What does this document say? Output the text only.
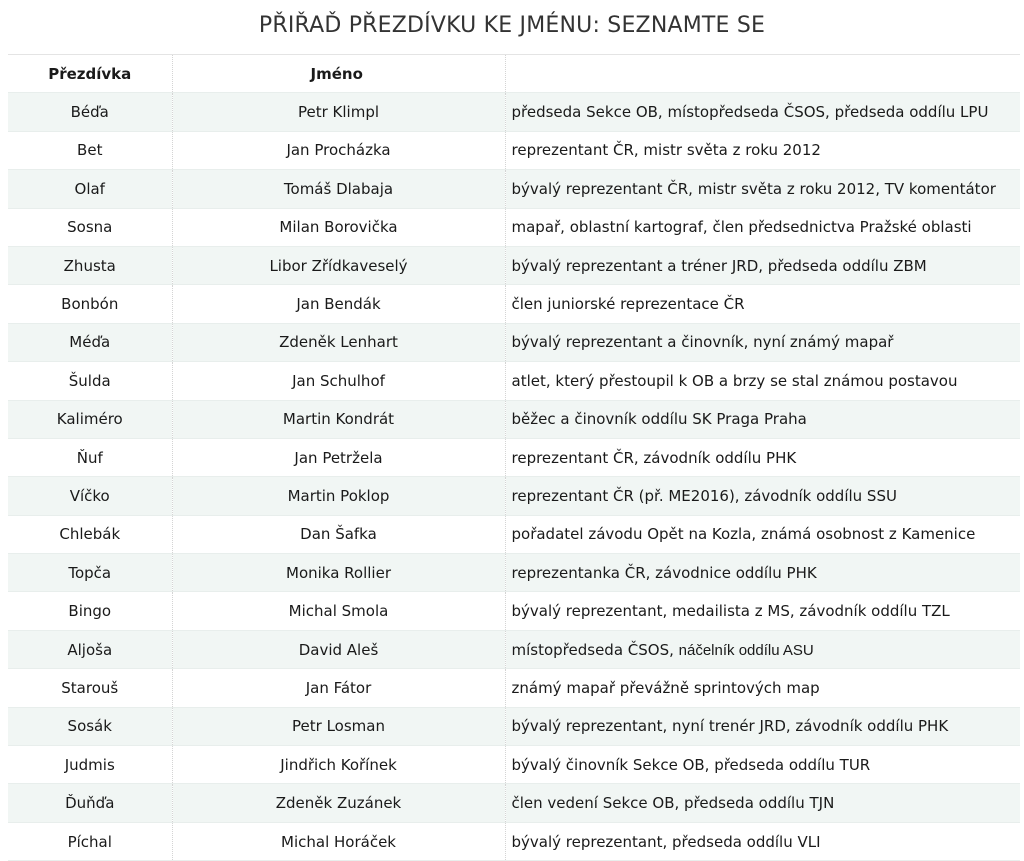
PŘIŘAĎ PŘEZDÍVKU KE JMÉNU: SEZNAMTE SE
Přezdívka	Jméno	
Béďa	Petr Klimpl	předseda Sekce OB, místopředseda ČSOS, předseda oddílu LPU
Bet	Jan Procházka	reprezentant ČR, mistr světa z roku 2012
Olaf	Tomáš Dlabaja	bývalý reprezentant ČR, mistr světa z roku 2012, TV komentátor
Sosna	Milan Borovička	mapař, oblastní kartograf, člen předsednictva Pražské oblasti
Zhusta	Libor Zřídkaveselý	bývalý reprezentant a tréner JRD, předseda oddílu ZBM
Bonbón	Jan Bendák	člen juniorské reprezentace ČR
Méďa	Zdeněk Lenhart	bývalý reprezentant a činovník, nyní známý mapař
Šulda	Jan Schulhof	atlet, který přestoupil k OB a brzy se stal známou postavou
Kaliméro	Martin Kondrát	běžec a činovník oddílu SK Praga Praha
Ňuf	Jan Petržela	reprezentant ČR, závodník oddílu PHK
Víčko	Martin Poklop	reprezentant ČR (př. ME2016), závodník oddílu SSU
Chlebák	Dan Šafka	pořadatel závodu Opět na Kozla, známá osobnost z Kamenice
Topča	Monika Rollier	reprezentanka ČR, závodnice oddílu PHK
Bingo	Michal Smola	bývalý reprezentant, medailista z MS, závodník oddílu TZL
Aljoša	David Aleš	místopředseda ČSOS, náčelník oddílu ASU
Starouš	Jan Fátor	známý mapař převážně sprintových map
Sosák	Petr Losman	bývalý reprezentant, nyní trenér JRD, závodník oddílu PHK
Judmis	Jindřich Kořínek	bývalý činovník Sekce OB, předseda oddílu TUR
Ďuňďa	Zdeněk Zuzánek	člen vedení Sekce OB, předseda oddílu TJN
Píchal	Michal Horáček	bývalý reprezentant, předseda oddílu VLI
